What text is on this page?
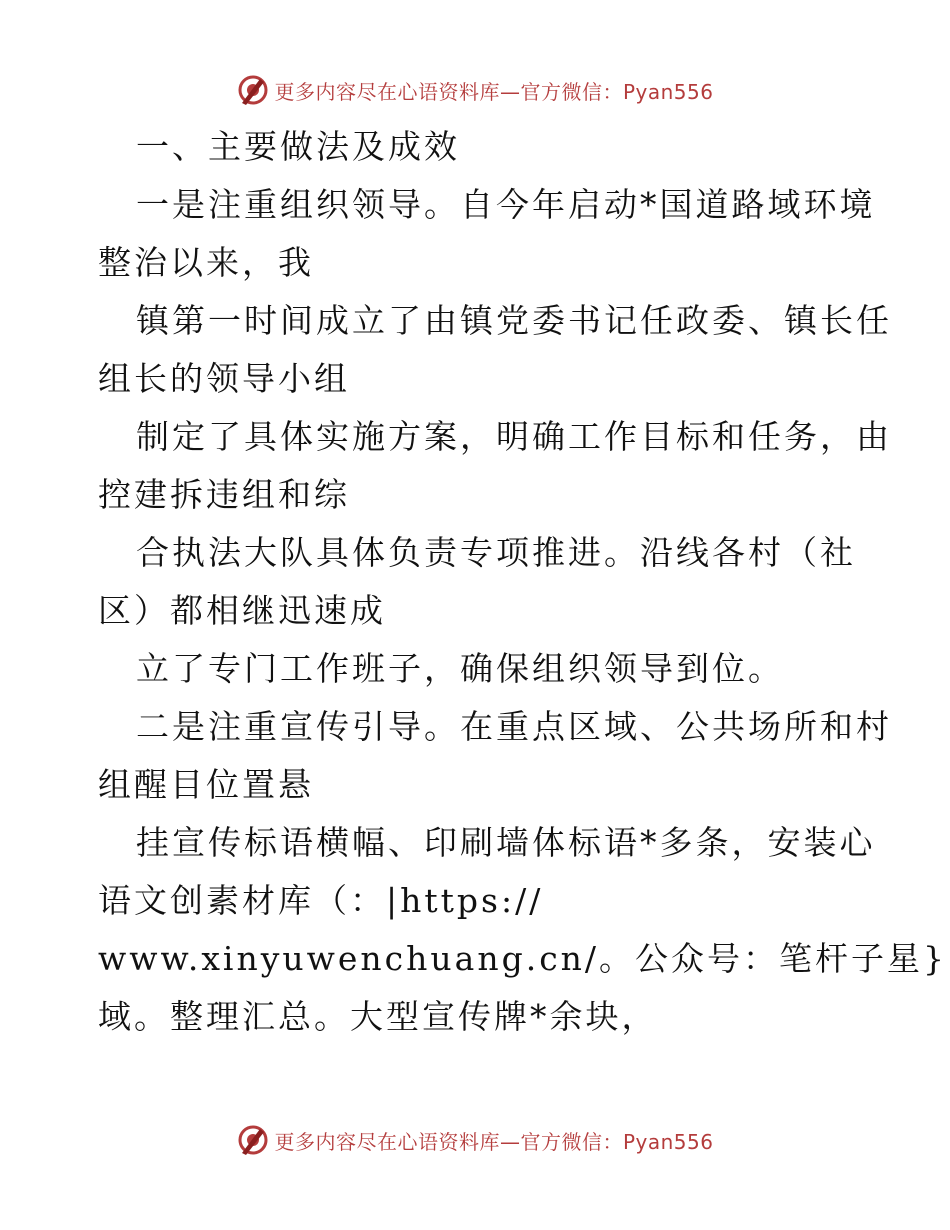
更多内容尽在心语资料库—官方微信：Pyan556
一、主要做法及成效
一是注重组织领导。自今年启动*国道路域环境
整治以来，我
镇第一时间成立了由镇党委书记任政委、镇长任
组长的领导小组
制定了具体实施方案，明确工作目标和任务，由
控建拆违组和综
合执法大队具体负责专项推进。沿线各村（社
区）都相继迅速成
立了专门工作班子，确保组织领导到位。
二是注重宣传引导。在重点区域、公共场所和村
组醒目位置悬
挂宣传标语横幅、印刷墙体标语*多条，安装心
语文创素材库（：|https://
www.xinyuwenchuang.cn/。公众号：笔杆子星}
域。整理汇总。大型宣传牌*余块，
更多内容尽在心语资料库—官方微信：Pyan556
